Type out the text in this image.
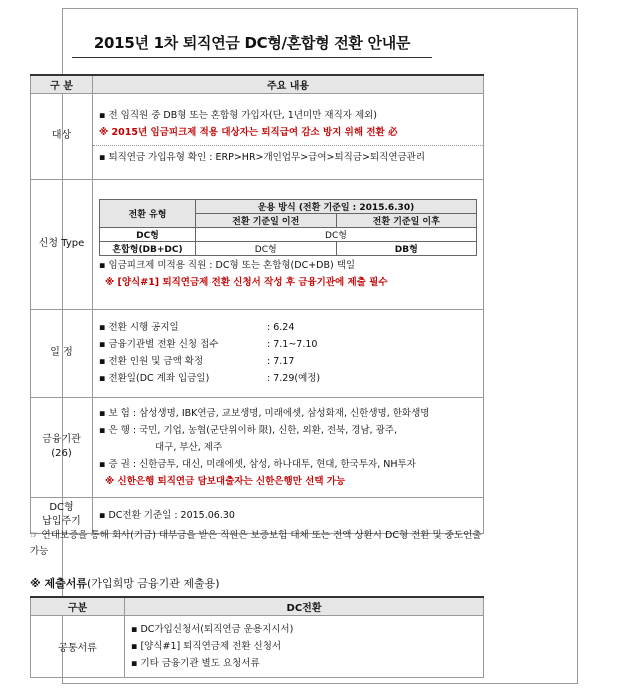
2015년 1차 퇴직연금 DC형/혼합형 전환 안내문
구 분	주요 내용
대상	
▪ 전 임직원 중 DB형 또는 혼합형 가입자(단, 1년미만 재직자 제외)
※ 2015년 임금피크제 적용 대상자는 퇴직급여 감소 방지 위해 전환 必
▪ 퇴직연금 가입유형 확인 : ERP>HR>개인업무>급여>퇴직금>퇴직연금관리

신청 Type	
전환 유형	운용 방식 (전환 기준일 : 2015.6.30)
전환 기준일 이전	전환 기준일 이후
DC형	DC형
혼합형(DB+DC)	DC형	DB형
▪ 임금피크제 미적용 직원 : DC형 또는 혼합형(DC+DB) 택일
※ [양식#1] 퇴직연금제 전환 신청서 작성 후 금융기관에 제출 필수

일 정	
▪ 전환 시행 공지일	: 6.24
▪ 금융기관별 전환 신청 접수	: 7.1~7.10
▪ 전환 인원 및 금액 확정	: 7.17
▪ 전환일(DC 계좌 입금일)	: 7.29(예정)

금융기관
(26)

▪ 보 험 : 삼성생명, IBK연금, 교보생명, 미래에셋, 삼성화재, 신한생명, 한화생명
▪ 은 행 : 국민, 기업, 농협(군단위이하 限), 신한, 외환, 전북, 경남, 광주,
대구, 부산, 제주
▪ 증 권 : 신한금투, 대신, 미래에셋, 삼성, 하나대투, 현대, 한국투자, NH투자
※ 신한은행 퇴직연금 담보대출자는 신한은행만 선택 가능

DC형
납입주기

▪ DC전환 기준일 : 2015.06.30
☞ 연대보증을 통해 회사(기금) 대부금을 받은 직원은 보증보험 대체 또는 전액 상환시 DC형 전환 및 중도인출 가능
※ 제출서류(가입희망 금융기관 제출용)
구분	DC전환
공통서류	▪ DC가입신청서(퇴직연금 운용지시서)
▪ [양식#1] 퇴직연금제 전환 신청서
▪ 기타 금융기관 별도 요청서류
